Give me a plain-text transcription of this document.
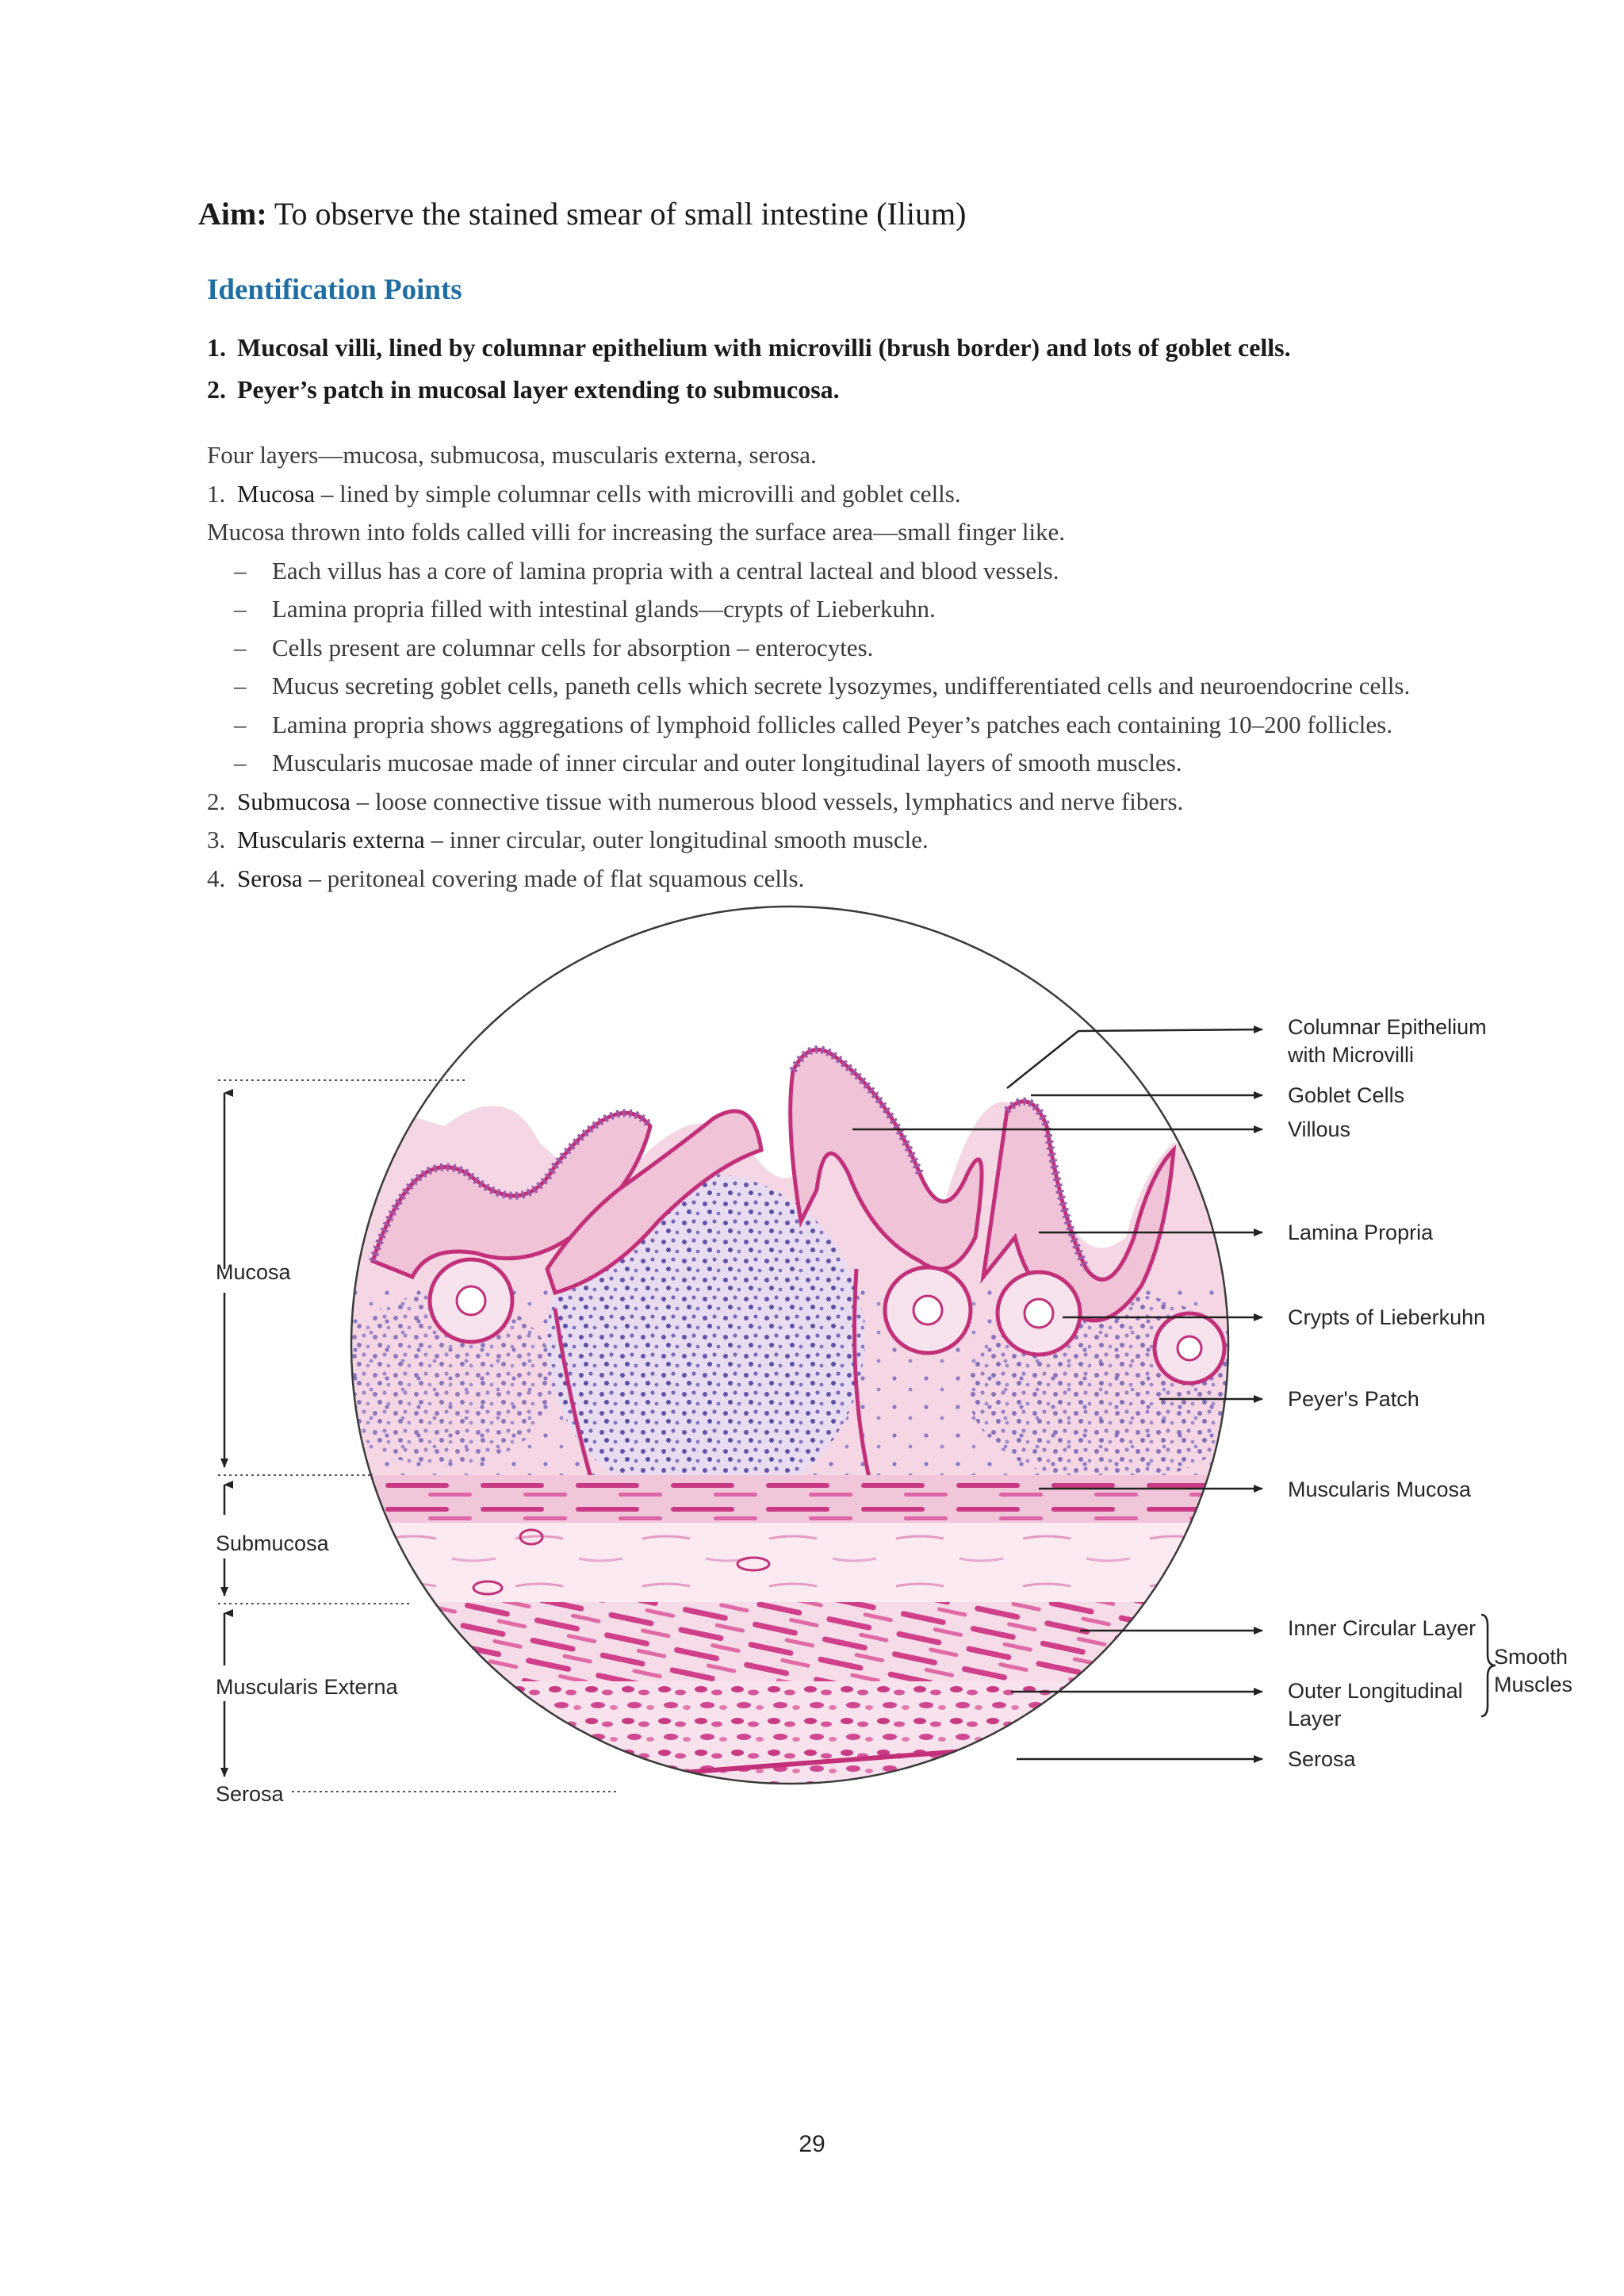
Aim: To observe the stained smear of small intestine (Ilium)
Identification Points
1. Mucosal villi, lined by columnar epithelium with microvilli (brush border) and lots of goblet cells.
2. Peyer’s patch in mucosal layer extending to submucosa.
Four layers—mucosa, submucosa, muscularis externa, serosa.
1. Mucosa – lined by simple columnar cells with microvilli and goblet cells.
Mucosa thrown into folds called villi for increasing the surface area—small finger like.
–	Each villus has a core of lamina propria with a central lacteal and blood vessels.
–	Lamina propria filled with intestinal glands—crypts of Lieberkuhn.
–	Cells present are columnar cells for absorption – enterocytes.
–	Mucus secreting goblet cells, paneth cells which secrete lysozymes, undifferentiated cells and neuroendocrine cells.
–	Lamina propria shows aggregations of lymphoid follicles called Peyer’s patches each containing 10–200 follicles.
–	Muscularis mucosae made of inner circular and outer longitudinal layers of smooth muscles.
2. Submucosa – loose connective tissue with numerous blood vessels, lymphatics and nerve fibers.
3. Muscularis externa – inner circular, outer longitudinal smooth muscle.
4. Serosa – peritoneal covering made of flat squamous cells.
Mucosa
Submucosa
Muscularis Externa
Serosa
Columnar Epithelium
with Microvilli
Goblet Cells
Villous
Lamina Propria
Crypts of Lieberkuhn
Peyer's Patch
Muscularis Mucosa
Inner Circular Layer
Outer Longitudinal
Layer
Serosa
Smooth
Muscles
29
